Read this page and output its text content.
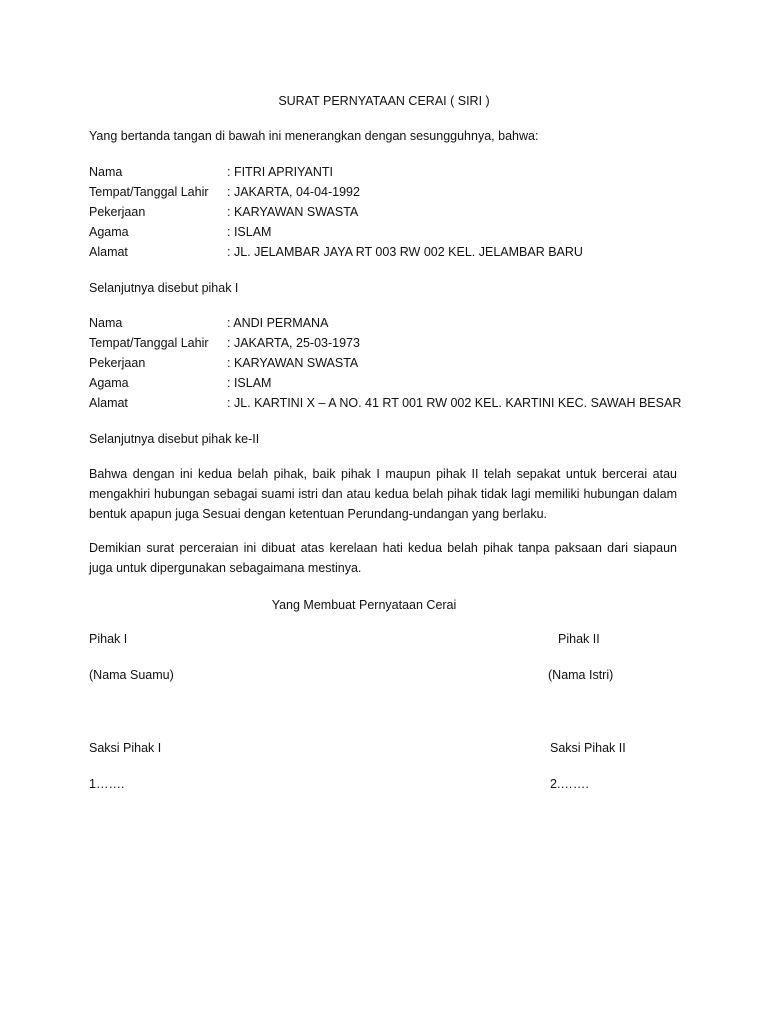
SURAT PERNYATAAN CERAI ( SIRI )
Yang bertanda tangan di bawah ini menerangkan dengan sesungguhnya, bahwa:
Nama	: FITRI APRIYANTI
Tempat/Tanggal Lahir : JAKARTA, 04-04-1992
Pekerjaan	: KARYAWAN SWASTA
Agama	: ISLAM
Alamat	: JL. JELAMBAR JAYA RT 003 RW 002 KEL. JELAMBAR BARU
Selanjutnya disebut pihak I
Nama	: ANDI PERMANA
Tempat/Tanggal Lahir : JAKARTA, 25-03-1973
Pekerjaan	: KARYAWAN SWASTA
Agama	: ISLAM
Alamat	: JL. KARTINI X – A NO. 41 RT 001 RW 002 KEL. KARTINI KEC. SAWAH BESAR
Selanjutnya disebut pihak ke-II
Bahwa dengan ini kedua belah pihak, baik pihak I maupun pihak II telah sepakat untuk bercerai atau mengakhiri hubungan sebagai suami istri dan atau kedua belah pihak tidak lagi memiliki hubungan dalam bentuk apapun juga Sesuai dengan ketentuan Perundang-undangan yang berlaku.
Demikian surat perceraian ini dibuat atas kerelaan hati kedua belah pihak tanpa paksaan dari siapaun juga untuk dipergunakan sebagaimana mestinya.
Yang Membuat Pernyataan Cerai
Pihak I	Pihak II
(Nama Suamu)	(Nama Istri)
Saksi Pihak I	Saksi Pihak II
1…….	2.…….
